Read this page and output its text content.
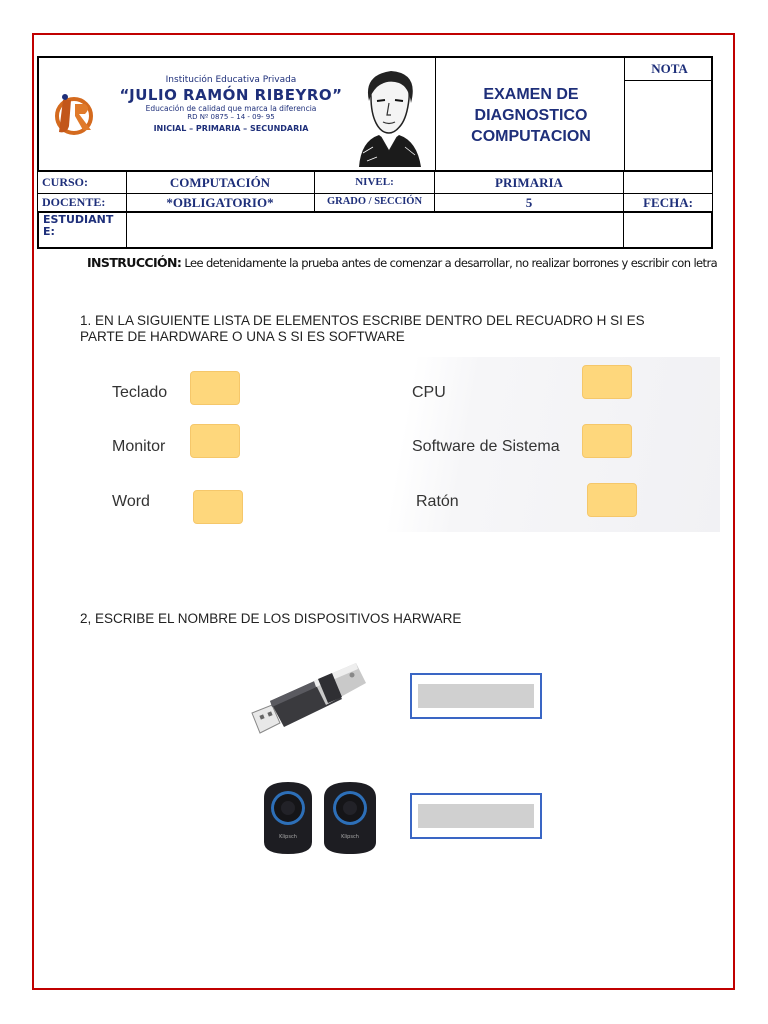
Institución Educativa Privada
“JULIO RAMÓN RIBEYRO”
Educación de calidad que marca la diferencia
RD Nº 0875 – 14 - 09- 95
INICIAL – PRIMARIA – SECUNDARIA
EXAMEN DE
DIAGNOSTICO
COMPUTACION
NOTA
CURSO:	COMPUTACIÓN	NIVEL:	PRIMARIA
DOCENTE:	*OBLIGATORIO*	GRADO / SECCIÓN	5	FECHA:
ESTUDIANT
E:
INSTRUCCIÓN: Lee detenidamente la prueba antes de comenzar a desarrollar, no realizar borrones y escribir con letra
1. EN LA SIGUIENTE LISTA DE ELEMENTOS ESCRIBE DENTRO DEL RECUADRO H SI ES
PARTE DE HARDWARE O UNA S SI ES SOFTWARE
Teclado
Monitor
Word
CPU
Software de Sistema
Ratón
2, ESCRIBE EL NOMBRE DE LOS DISPOSITIVOS HARWARE
Klipsch	Klipsch
